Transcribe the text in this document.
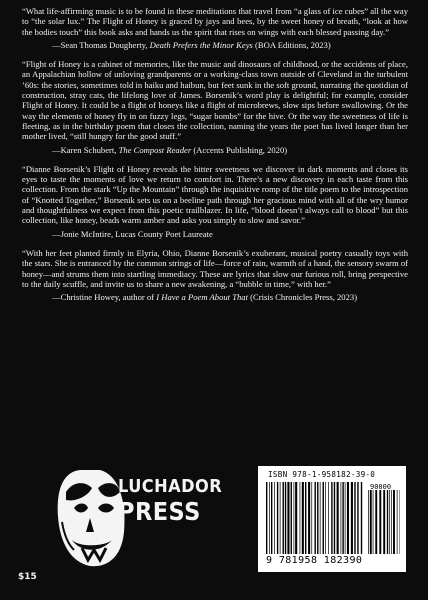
“What life-affirming music is to be found in these meditations that travel from “a glass of ice cubes” all the way to “the solar lux.” The Flight of Honey is graced by jays and bees, by the sweet honey of breath, “look at how the bodies touch” this book asks and hands us the spirit that rises on wings with each blessed passing day.”

—Sean Thomas Dougherty, Death Prefers the Minor Keys (BOA Editions, 2023)

“Flight of Honey is a cabinet of memories, like the music and dinosaurs of childhood, or the accidents of place, an Appalachian hollow of unloving grandparents or a working-class town outside of Cleveland in the turbulent ’60s: the stories, sometimes told in haiku and haibun, but feet sunk in the soft ground, narrating the quotidian of construction, stray cats, the lifelong love of James. Borsenik’s word play is delightful; for example, consider Flight of Honey. It could be a flight of honeys like a flight of microbrews, slow sips before swallowing. Or the way the elements of honey fly in on fuzzy legs, “sugar bombs” for the hive. Or the way the sweetness of life is fleeting, as in the birthday poem that closes the collection, naming the years the poet has lived longer than her mother lived, “still hungry for the good stuff.”

—Karen Schubert, The Compost Reader (Accents Publishing, 2020)

“Dianne Borsenik’s Flight of Honey reveals the bitter sweetness we discover in dark moments and closes its eyes to taste the moments of love we return to comfort in. There’s a new discovery in each taste from this collection. From the stark “Up the Mountain” through the inquisitive romp of the title poem to the introspection of “Knotted Together,” Borsenik sets us on a beeline path through her gracious mind with all of the wry humor and thoughtfulness we expect from this poetic trailblazer. In life, “blood doesn’t always call to blood” but this collection, like honey, beads warm amber and asks you simply to slow and savor.”

—Jonie McIntire, Lucas County Poet Laureate

“With her feet planted firmly in Elyria, Ohio, Dianne Borsenik’s exuberant, musical poetry casually toys with the stars. She is entranced by the common strings of life—force of rain, warmth of a hand, the sensory swarm of honey—and strums them into startling immediacy. These are lyrics that slow our furious roll, bring perspective to the daily scuffle, and invite us to share a new awakening, a “bubble in time,” with her.”

—Christine Howey, author of I Have a Poem About That (Crisis Chronicles Press, 2023)
LUCHADOR
PRESS
$15
ISBN 978-1-958182-39-0
90000
9 781958 182390
